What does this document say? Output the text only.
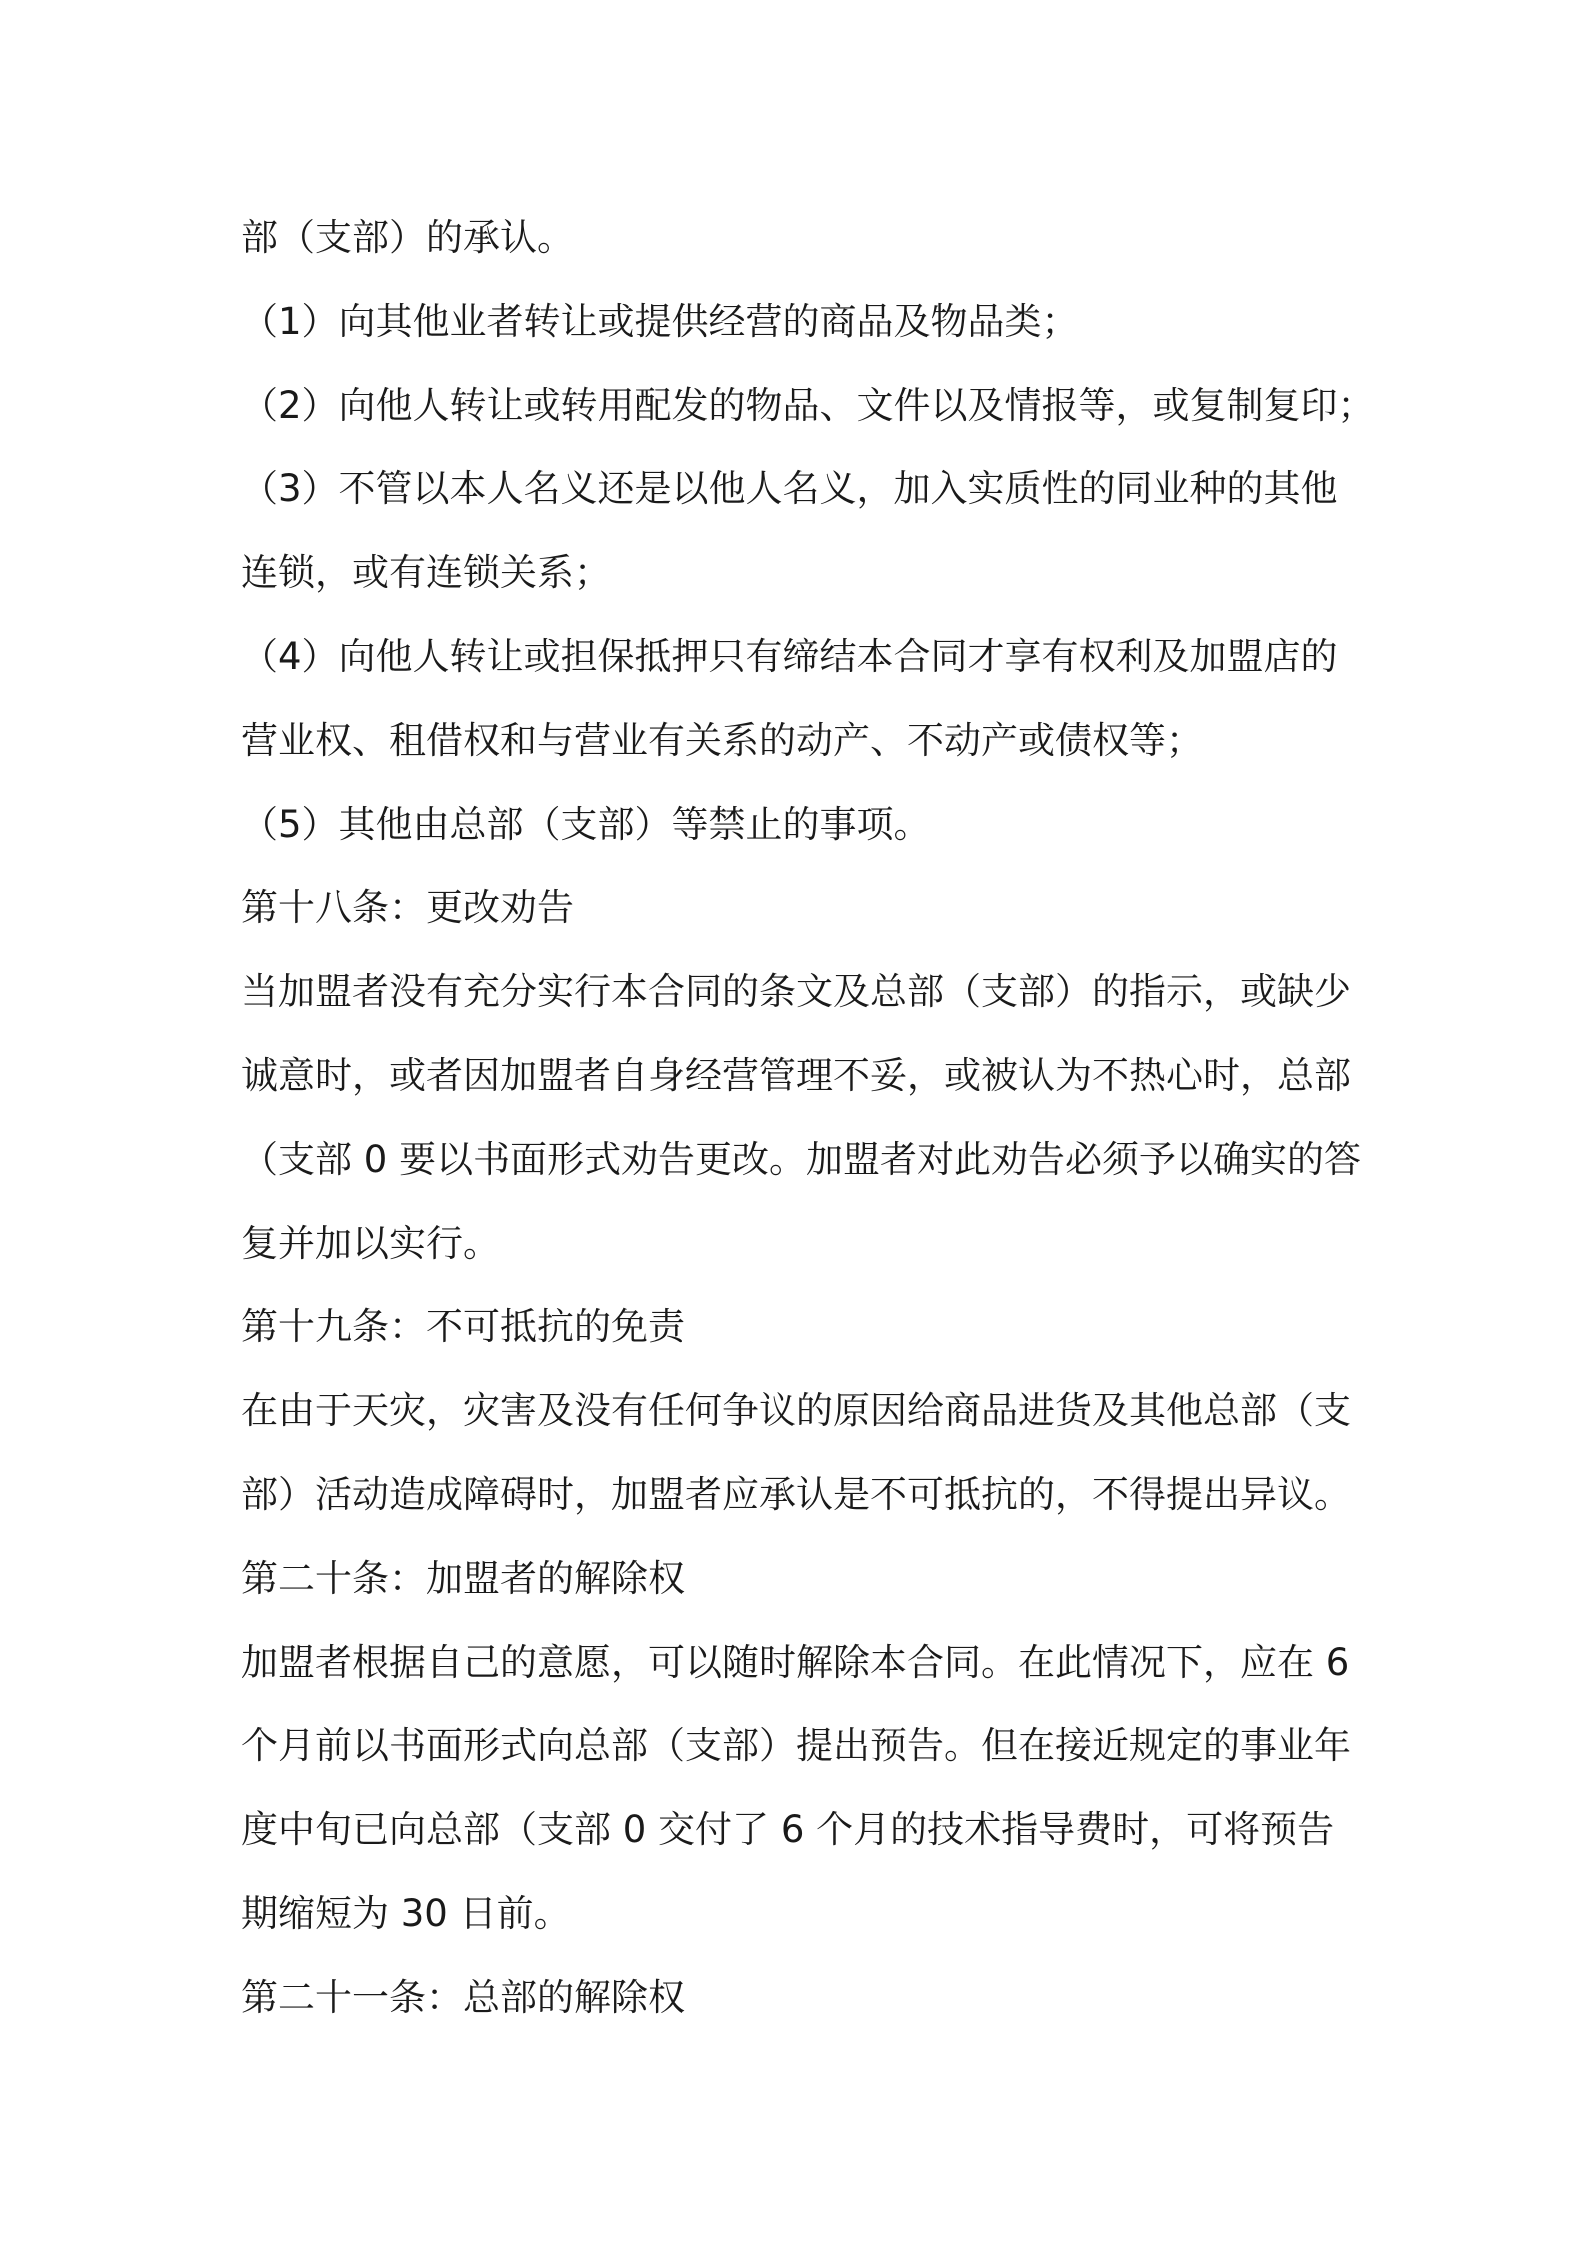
部（支部）的承认。
（1）向其他业者转让或提供经营的商品及物品类；
（2）向他人转让或转用配发的物品、文件以及情报等，或复制复印；
（3）不管以本人名义还是以他人名义，加入实质性的同业种的其他
连锁，或有连锁关系；
（4）向他人转让或担保抵押只有缔结本合同才享有权利及加盟店的
营业权、租借权和与营业有关系的动产、不动产或债权等；
（5）其他由总部（支部）等禁止的事项。
第十八条：更改劝告
当加盟者没有充分实行本合同的条文及总部（支部）的指示，或缺少
诚意时，或者因加盟者自身经营管理不妥，或被认为不热心时，总部
（支部 0 要以书面形式劝告更改。加盟者对此劝告必须予以确实的答
复并加以实行。
第十九条：不可抵抗的免责
在由于天灾，灾害及没有任何争议的原因给商品进货及其他总部（支
部）活动造成障碍时，加盟者应承认是不可抵抗的，不得提出异议。
第二十条：加盟者的解除权
加盟者根据自己的意愿，可以随时解除本合同。在此情况下，应在 6
个月前以书面形式向总部（支部）提出预告。但在接近规定的事业年
度中旬已向总部（支部 0 交付了 6 个月的技术指导费时，可将预告
期缩短为 30 日前。
第二十一条：总部的解除权
